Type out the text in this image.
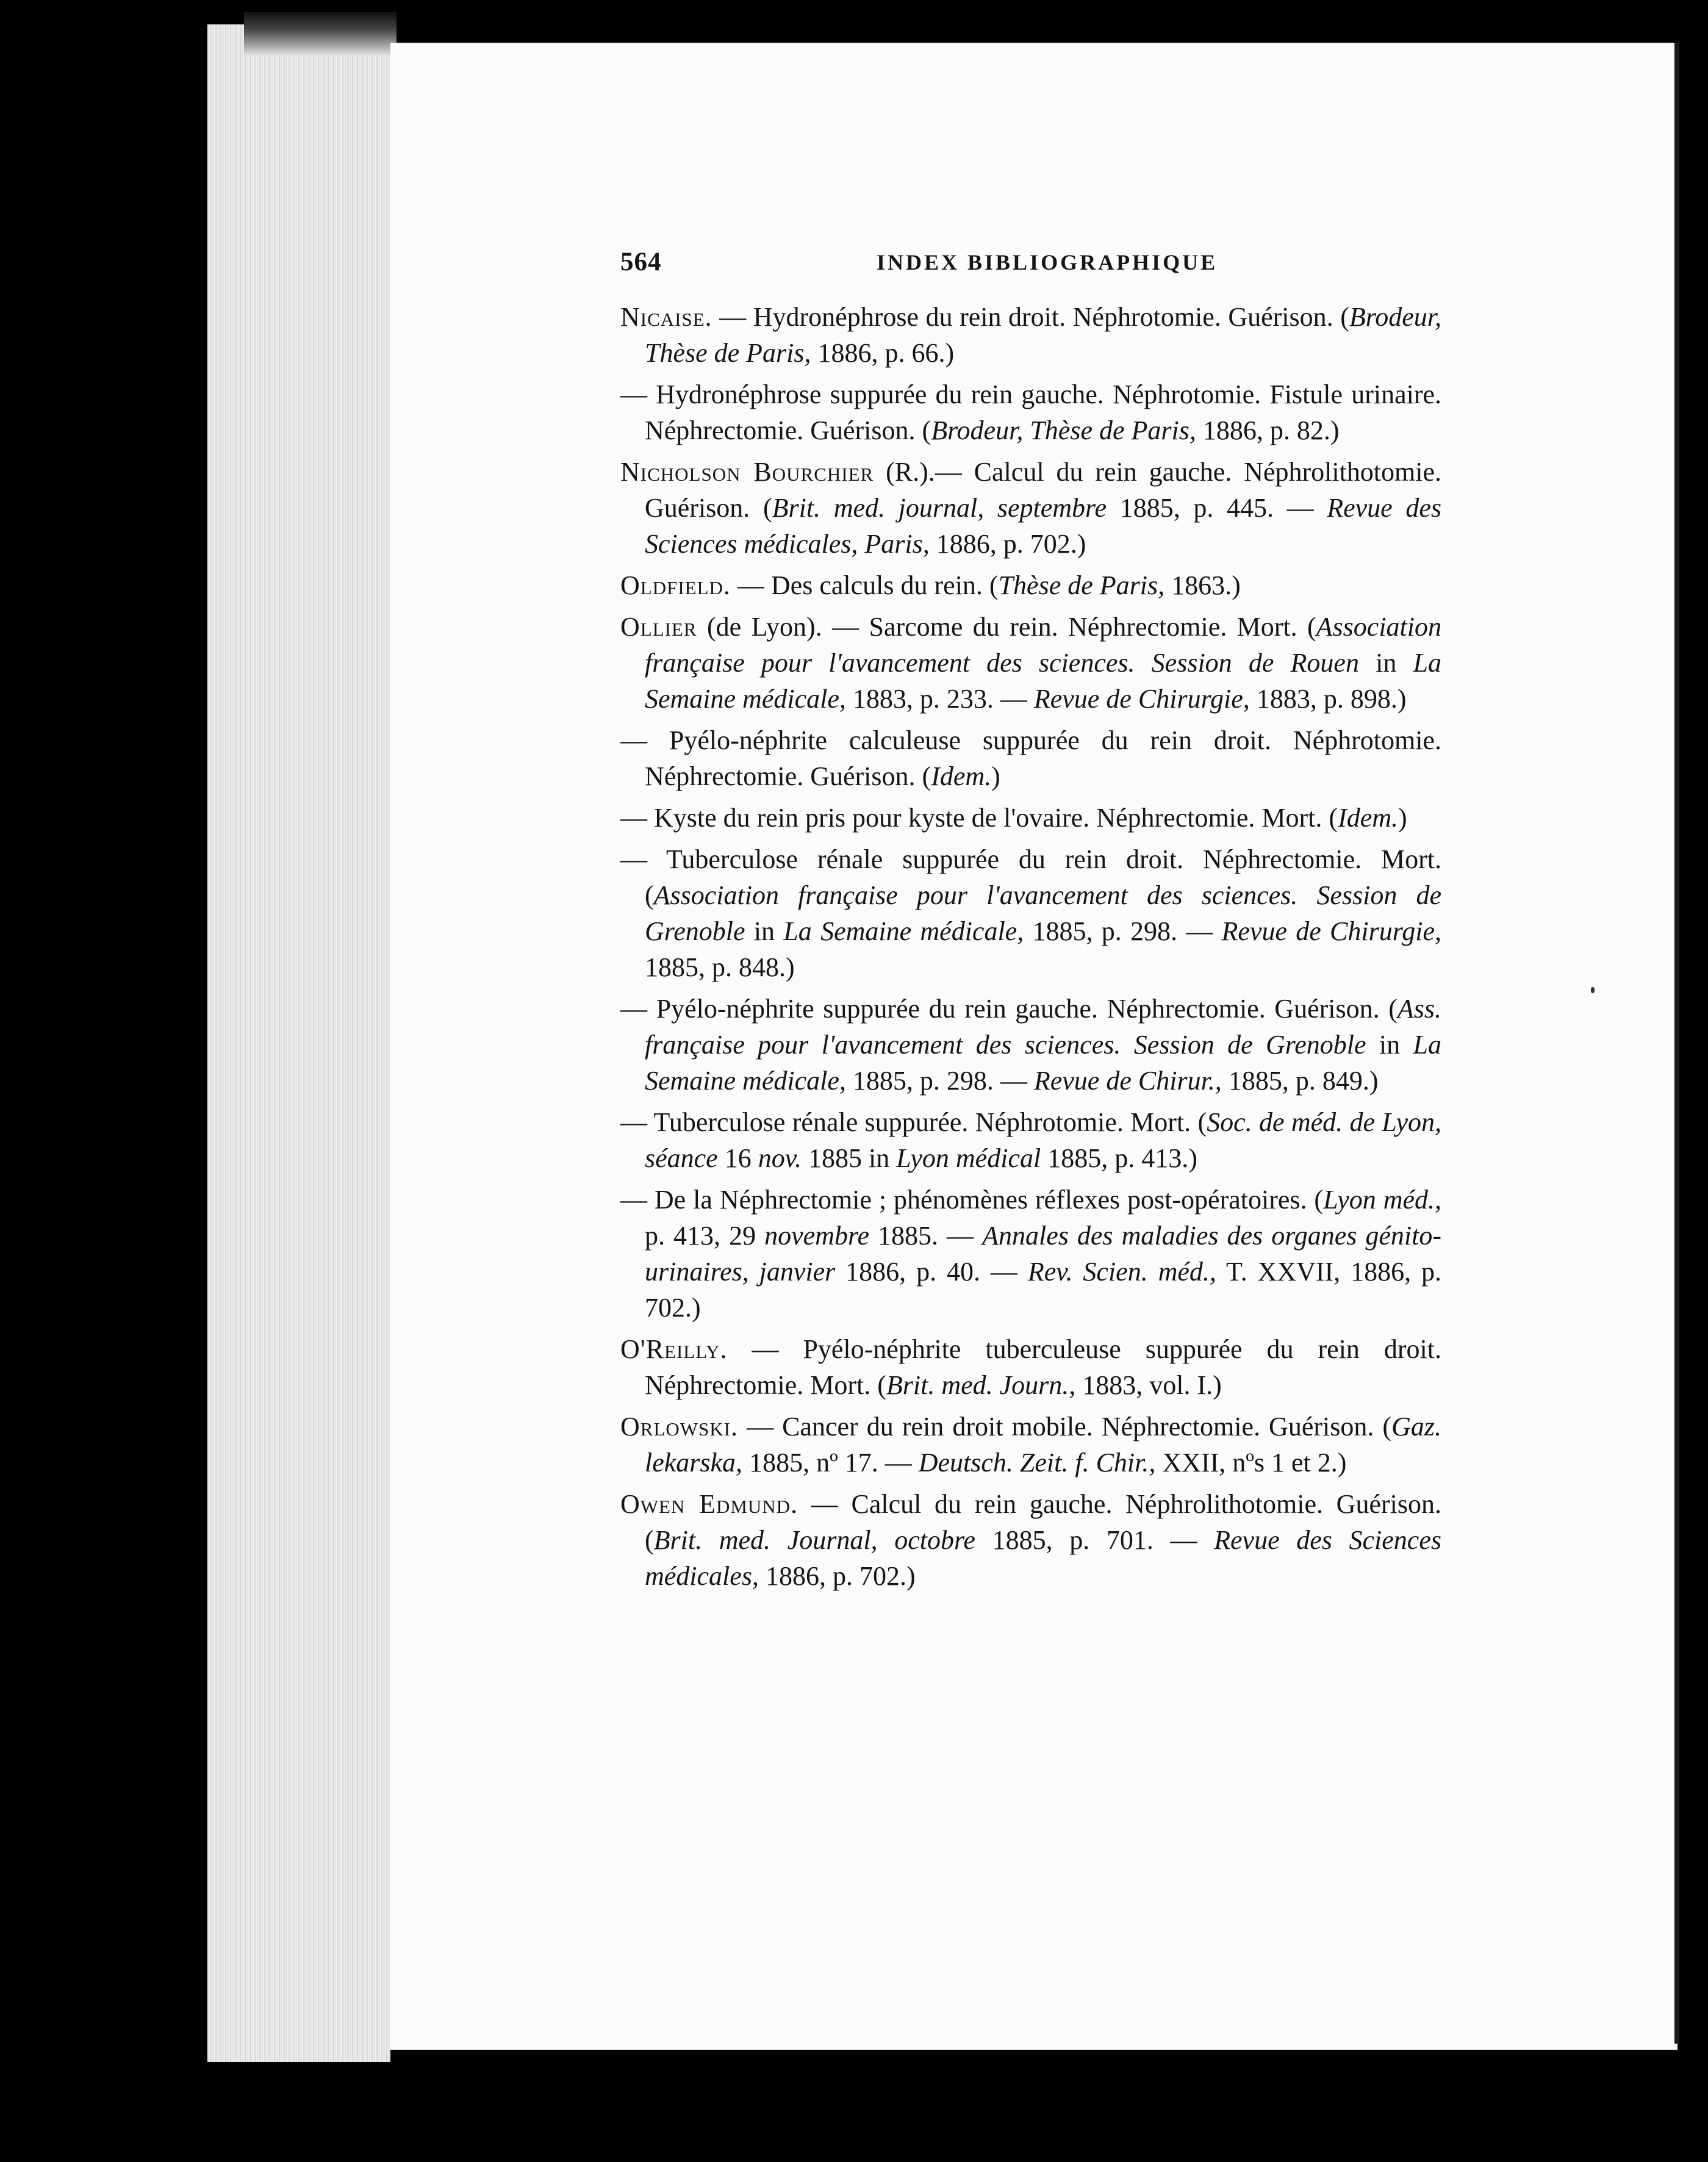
564	INDEX BIBLIOGRAPHIQUE

Nicaise. — Hydronéphrose du rein droit. Néphrotomie. Guérison. (Brodeur, Thèse de Paris, 1886, p. 66.)

— Hydronéphrose suppurée du rein gauche. Néphrotomie. Fistule urinaire. Néphrectomie. Guérison. (Brodeur, Thèse de Paris, 1886, p. 82.)

Nicholson Bourchier (R.).— Calcul du rein gauche. Néphrolithotomie. Guérison. (Brit. med. journal, septembre 1885, p. 445. — Revue des Sciences médicales, Paris, 1886, p. 702.)

Oldfield. — Des calculs du rein. (Thèse de Paris, 1863.)

Ollier (de Lyon). — Sarcome du rein. Néphrectomie. Mort. (Association française pour l'avancement des sciences. Session de Rouen in La Semaine médicale, 1883, p. 233. — Revue de Chirurgie, 1883, p. 898.)

— Pyélo-néphrite calculeuse suppurée du rein droit. Néphrotomie. Néphrectomie. Guérison. (Idem.)

— Kyste du rein pris pour kyste de l'ovaire. Néphrectomie. Mort. (Idem.)

— Tuberculose rénale suppurée du rein droit. Néphrectomie. Mort. (Association française pour l'avancement des sciences. Session de Grenoble in La Semaine médicale, 1885, p. 298. — Revue de Chirurgie, 1885, p. 848.)

— Pyélo-néphrite suppurée du rein gauche. Néphrectomie. Guérison. (Ass. française pour l'avancement des sciences. Session de Grenoble in La Semaine médicale, 1885, p. 298. — Revue de Chirur., 1885, p. 849.)

— Tuberculose rénale suppurée. Néphrotomie. Mort. (Soc. de méd. de Lyon, séance 16 nov. 1885 in Lyon médical 1885, p. 413.)

— De la Néphrectomie ; phénomènes réflexes post-opératoires. (Lyon méd., p. 413, 29 novembre 1885. — Annales des maladies des organes génito-urinaires, janvier 1886, p. 40. — Rev. Scien. méd., T. XXVII, 1886, p. 702.)

O'Reilly. — Pyélo-néphrite tuberculeuse suppurée du rein droit. Néphrectomie. Mort. (Brit. med. Journ., 1883, vol. I.)

Orlowski. — Cancer du rein droit mobile. Néphrectomie. Guérison. (Gaz. lekarska, 1885, nº 17. — Deutsch. Zeit. f. Chir., XXII, nºs 1 et 2.)

Owen Edmund. — Calcul du rein gauche. Néphrolithotomie. Guérison. (Brit. med. Journal, octobre 1885, p. 701. — Revue des Sciences médicales, 1886, p. 702.)
